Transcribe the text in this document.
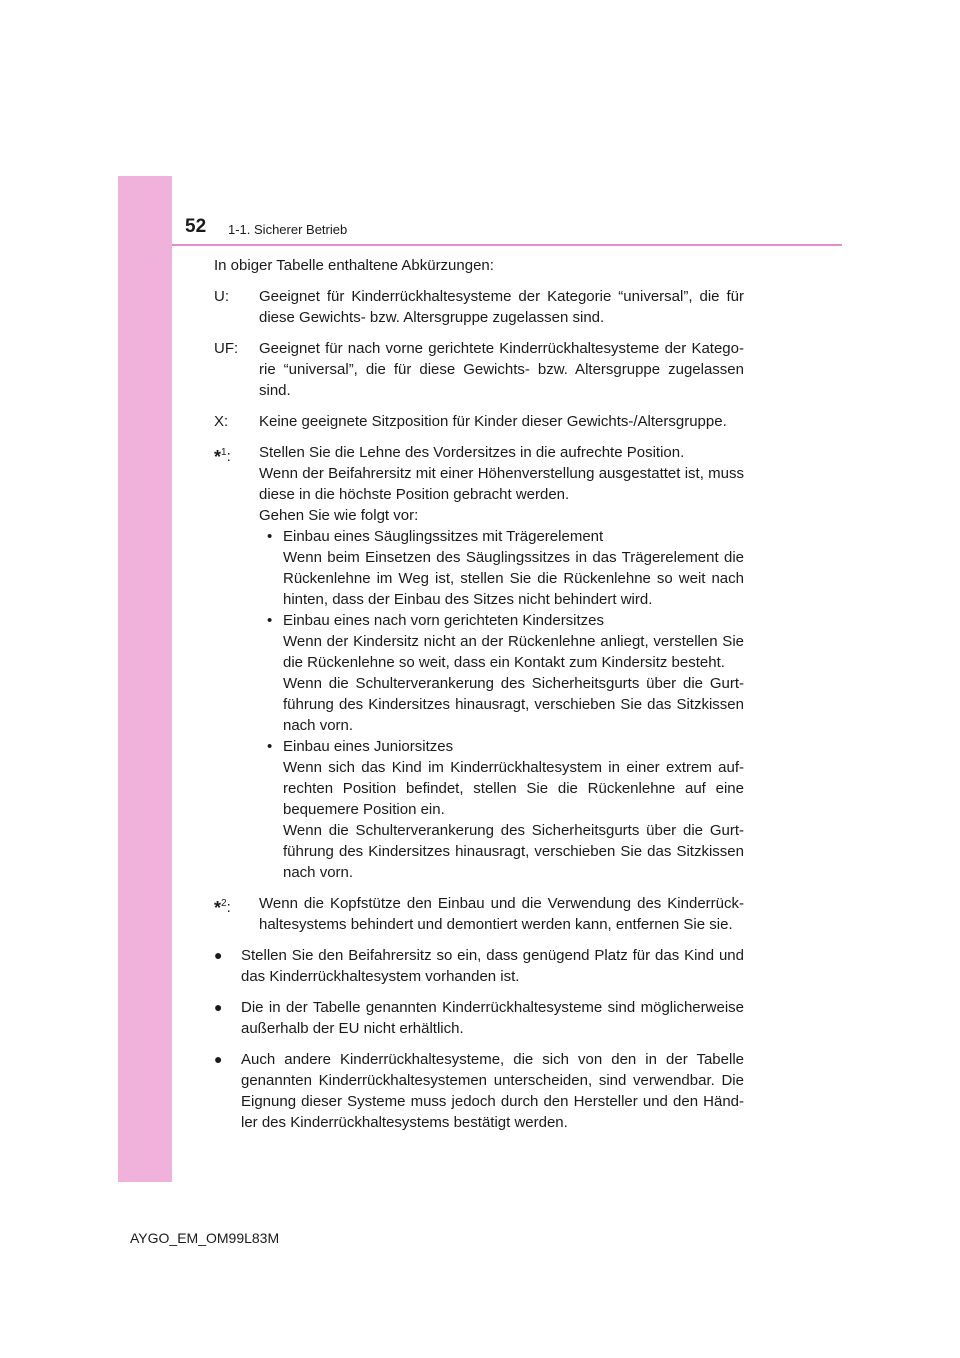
52 1-1. Sicherer Betrieb

In obiger Tabelle enthaltene Abkürzungen:

U:	Geeignet für Kinderrückhaltesysteme der Kategorie “universal”, die für diese Gewichts- bzw. Altersgruppe zugelassen sind.
UF:	Geeignet für nach vorne gerichtete Kinderrückhaltesysteme der Katego-rie “universal”, die für diese Gewichts- bzw. Altersgruppe zugelassen sind.
X:	Keine geeignete Sitzposition für Kinder dieser Gewichts-/Altersgruppe.
*$^1$:	Stellen Sie die Lehne des Vordersitzes in die aufrechte Position.
Wenn der Beifahrersitz mit einer Höhenverstellung ausgestattet ist, muss diese in die höchste Position gebracht werden.
Gehen Sie wie folgt vor:
• Einbau eines Säuglingssitzes mit Trägerelement
Wenn beim Einsetzen des Säuglingssitzes in das Trägerelement die Rückenlehne im Weg ist, stellen Sie die Rückenlehne so weit nach hinten, dass der Einbau des Sitzes nicht behindert wird.
• Einbau eines nach vorn gerichteten Kindersitzes
Wenn der Kindersitz nicht an der Rückenlehne anliegt, verstellen Sie die Rückenlehne so weit, dass ein Kontakt zum Kindersitz besteht.
Wenn die Schulterverankerung des Sicherheitsgurts über die Gurt-führung des Kindersitzes hinausragt, verschieben Sie das Sitzkissen nach vorn.
• Einbau eines Juniorsitzes
Wenn sich das Kind im Kinderrückhaltesystem in einer extrem auf-rechten Position befindet, stellen Sie die Rückenlehne auf eine bequemere Position ein.
Wenn die Schulterverankerung des Sicherheitsgurts über die Gurt-führung des Kindersitzes hinausragt, verschieben Sie das Sitzkissen nach vorn.
*$^2$:	Wenn die Kopfstütze den Einbau und die Verwendung des Kinderrück-haltesystems behindert und demontiert werden kann, entfernen Sie sie.
●	Stellen Sie den Beifahrersitz so ein, dass genügend Platz für das Kind und das Kinderrückhaltesystem vorhanden ist.
●	Die in der Tabelle genannten Kinderrückhaltesysteme sind möglicherweise außerhalb der EU nicht erhältlich.
●	Auch andere Kinderrückhaltesysteme, die sich von den in der Tabelle genannten Kinderrückhaltesystemen unterscheiden, sind verwendbar. Die Eignung dieser Systeme muss jedoch durch den Hersteller und den Händ-ler des Kinderrückhaltesystems bestätigt werden.
AYGO_EM_OM99L83M
